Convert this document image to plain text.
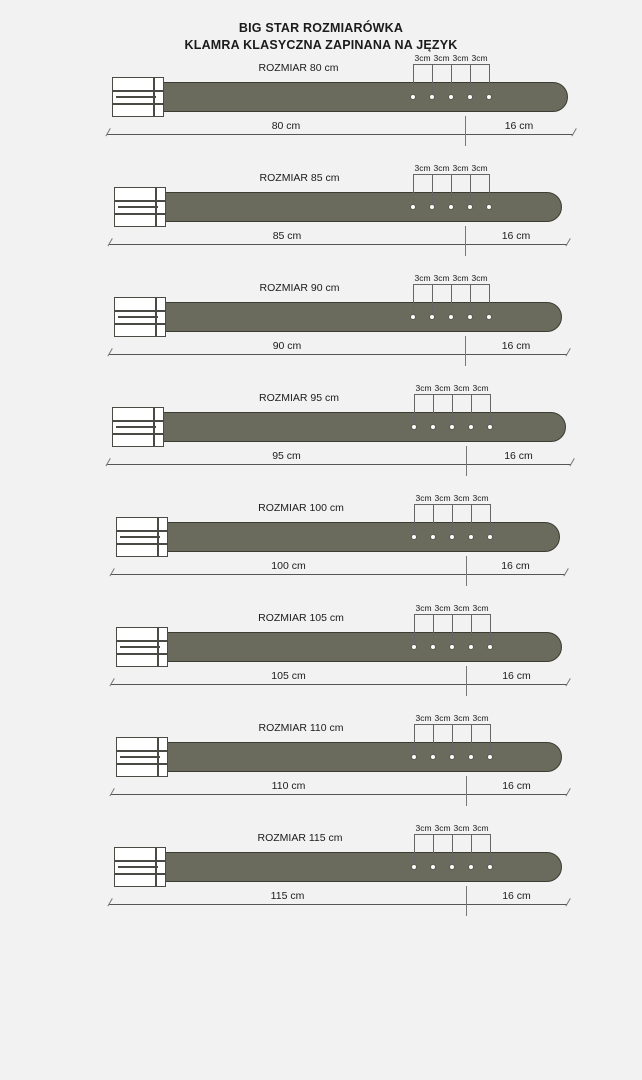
BIG STAR ROZMIARÓWKA
KLAMRA KLASYCZNA ZAPINANA NA JĘZYK
3cm 3cm 3cm 3cm
ROZMIAR 80 cm
80 cm	16 cm
3cm 3cm 3cm 3cm
ROZMIAR 85 cm
85 cm	16 cm
3cm 3cm 3cm 3cm
ROZMIAR 90 cm
90 cm	16 cm
3cm 3cm 3cm 3cm
ROZMIAR 95 cm
95 cm	16 cm
3cm 3cm 3cm 3cm
ROZMIAR 100 cm
100 cm	16 cm
3cm 3cm 3cm 3cm
ROZMIAR 105 cm
105 cm	16 cm
3cm 3cm 3cm 3cm
ROZMIAR 110 cm
110 cm	16 cm
3cm 3cm 3cm 3cm
ROZMIAR 115 cm
115 cm	16 cm
